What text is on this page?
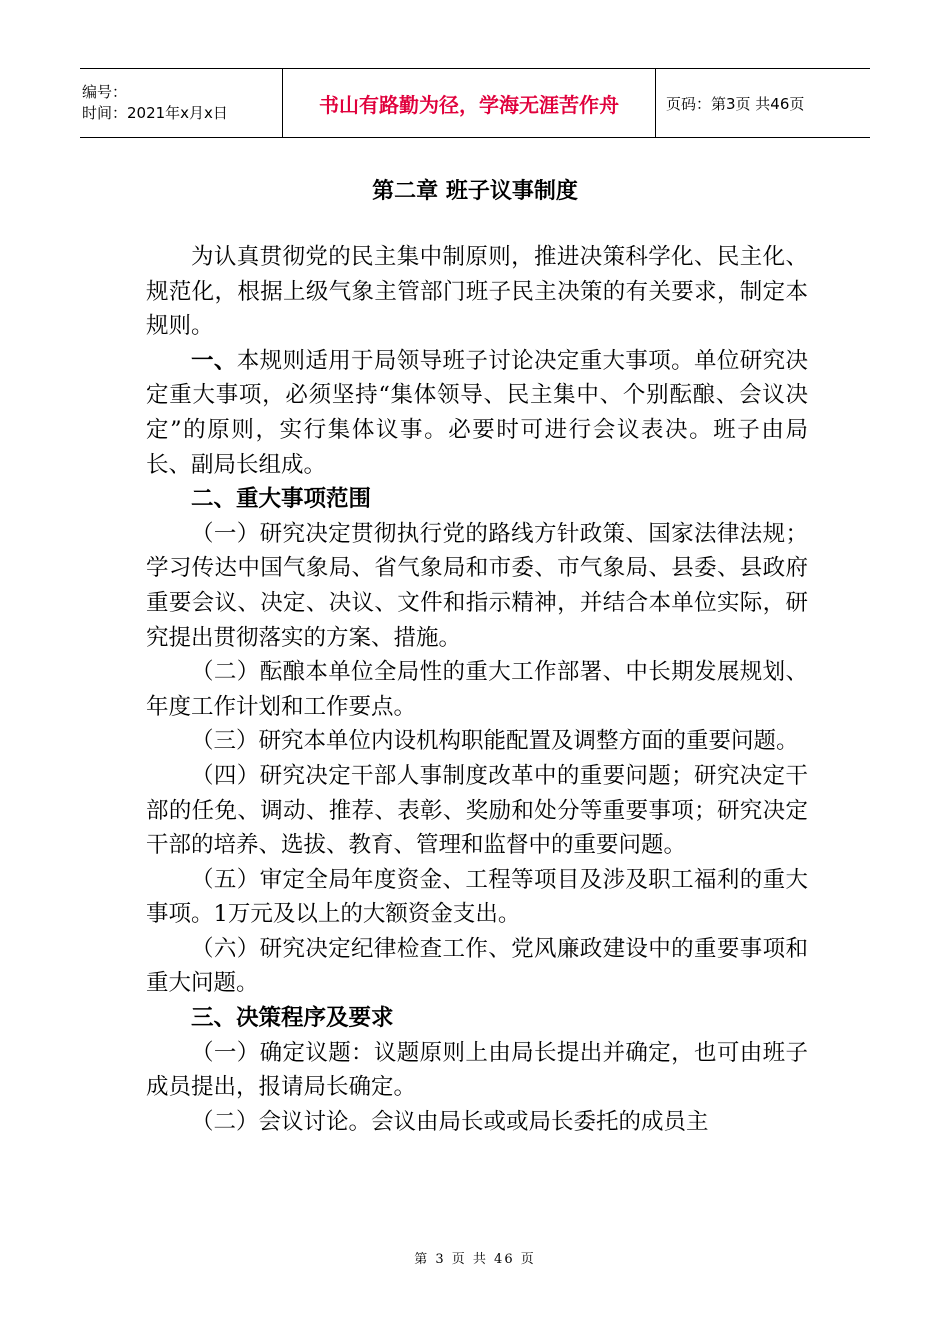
编号：
时间：2021年x月x日	书山有路勤为径，学海无涯苦作舟	页码：第3页 共46页
第二章 班子议事制度

为认真贯彻党的民主集中制原则，推进决策科学化、民主化、规范化，根据上级气象主管部门班子民主决策的有关要求，制定本规则。

一、本规则适用于局领导班子讨论决定重大事项。单位研究决定重大事项，必须坚持“集体领导、民主集中、个别酝酿、会议决定”的原则，实行集体议事。必要时可进行会议表决。班子由局长、副局长组成。

二、重大事项范围

（一）研究决定贯彻执行党的路线方针政策、国家法律法规；学习传达中国气象局、省气象局和市委、市气象局、县委、县政府重要会议、决定、决议、文件和指示精神，并结合本单位实际，研究提出贯彻落实的方案、措施。

（二）酝酿本单位全局性的重大工作部署、中长期发展规划、年度工作计划和工作要点。

（三）研究本单位内设机构职能配置及调整方面的重要问题。

（四）研究决定干部人事制度改革中的重要问题；研究决定干部的任免、调动、推荐、表彰、奖励和处分等重要事项；研究决定干部的培养、选拔、教育、管理和监督中的重要问题。

（五）审定全局年度资金、工程等项目及涉及职工福利的重大事项。1万元及以上的大额资金支出。

（六）研究决定纪律检查工作、党风廉政建设中的重要事项和重大问题。

三、决策程序及要求

（一）确定议题：议题原则上由局长提出并确定，也可由班子成员提出，报请局长确定。

（二）会议讨论。会议由局长或或局长委托的成员主

第 3 页 共 46 页
